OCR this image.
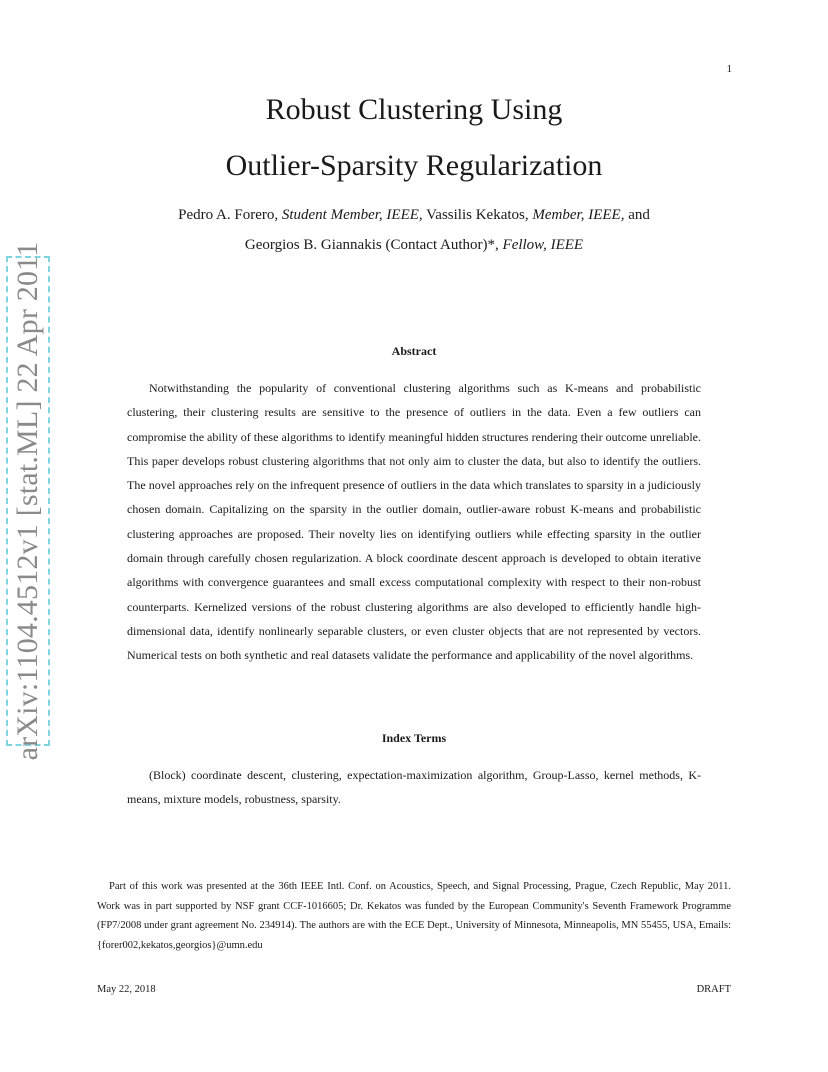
1
Robust Clustering Using
Outlier-Sparsity Regularization
Pedro A. Forero, Student Member, IEEE, Vassilis Kekatos, Member, IEEE, and
Georgios B. Giannakis (Contact Author)*, Fellow, IEEE
arXiv:1104.4512v1 [stat.ML] 22 Apr 2011	Abstract
Notwithstanding the popularity of conventional clustering algorithms such as K-means and probabilistic clustering, their clustering results are sensitive to the presence of outliers in the data. Even a few outliers can compromise the ability of these algorithms to identify meaningful hidden structures rendering their outcome unreliable. This paper develops robust clustering algorithms that not only aim to cluster the data, but also to identify the outliers. The novel approaches rely on the infrequent presence of outliers in the data which translates to sparsity in a judiciously chosen domain. Capitalizing on the sparsity in the outlier domain, outlier-aware robust K-means and probabilistic clustering approaches are proposed. Their novelty lies on identifying outliers while effecting sparsity in the outlier domain through carefully chosen regularization. A block coordinate descent approach is developed to obtain iterative algorithms with convergence guarantees and small excess computational complexity with respect to their non-robust counterparts. Kernelized versions of the robust clustering algorithms are also developed to efficiently handle high-dimensional data, identify nonlinearly separable clusters, or even cluster objects that are not represented by vectors. Numerical tests on both synthetic and real datasets validate the performance and applicability of the novel algorithms.
Index Terms
(Block) coordinate descent, clustering, expectation-maximization algorithm, Group-Lasso, kernel methods, K-means, mixture models, robustness, sparsity.
Part of this work was presented at the 36th IEEE Intl. Conf. on Acoustics, Speech, and Signal Processing, Prague, Czech Republic, May 2011. Work was in part supported by NSF grant CCF-1016605; Dr. Kekatos was funded by the European Community's Seventh Framework Programme (FP7/2008 under grant agreement No. 234914). The authors are with the ECE Dept., University of Minnesota, Minneapolis, MN 55455, USA, Emails:{forer002,kekatos,georgios}@umn.edu
May 22, 2018	DRAFT
